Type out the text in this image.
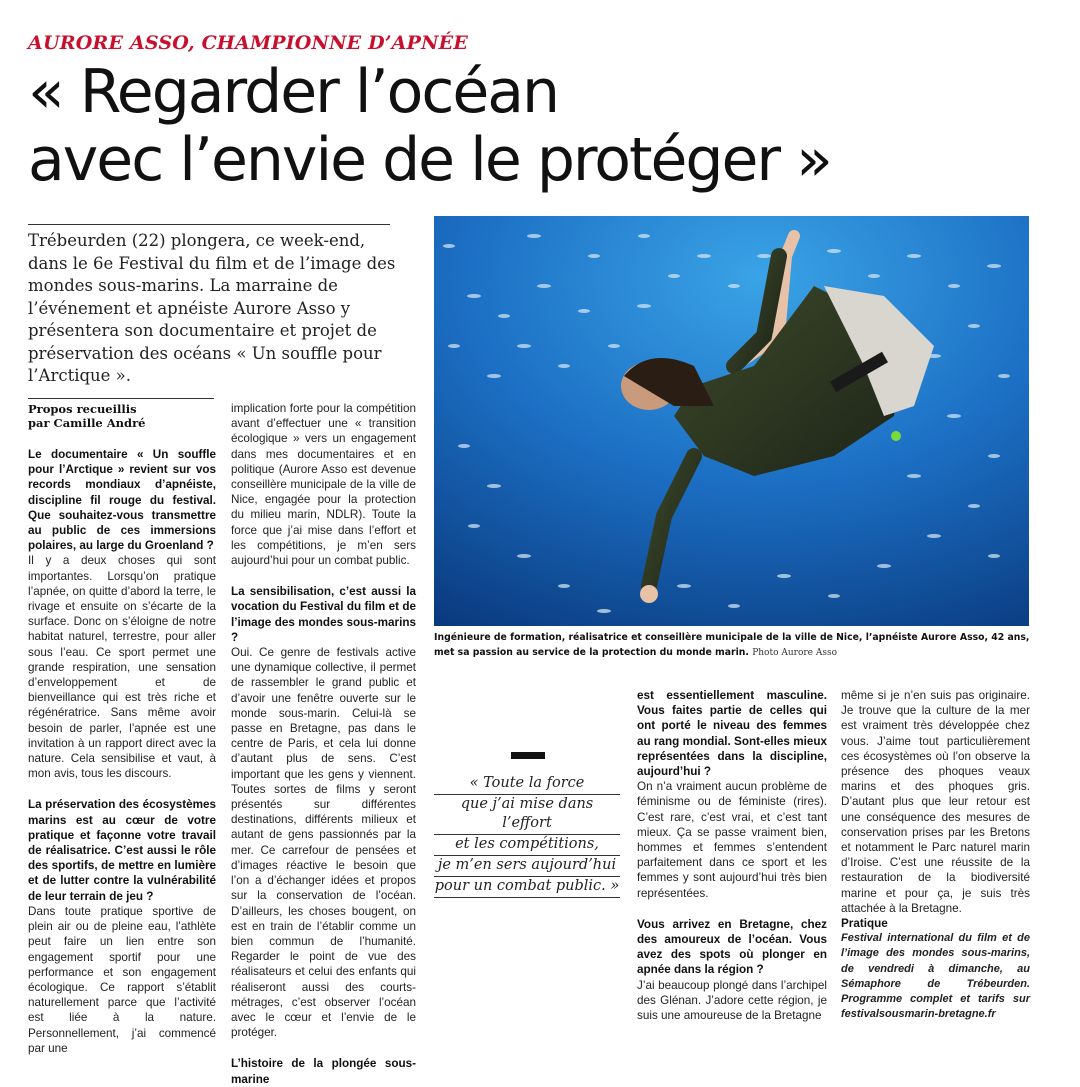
AURORE ASSO, CHAMPIONNE D’APNÉE
« Regarder l’océan
avec l’envie de le protéger »
Trébeurden (22) plongera, ce week-end, dans le 6e Festival du film et de l’image des mondes sous-marins. La marraine de l’événement et apnéiste Aurore Asso y présentera son documentaire et projet de préservation des océans « Un souffle pour l’Arctique ».
Ingénieure de formation, réalisatrice et conseillère municipale de la ville de Nice, l’apnéiste Aurore Asso, 42 ans, met sa passion au service de la protection du monde marin. Photo Aurore Asso
Propos recueillis
par Camille André

Le documentaire « Un souffle pour l’Arctique » revient sur vos records mondiaux d’apnéiste, discipline fil rouge du festival. Que souhaitez-vous transmettre au public de ces immersions polaires, au large du Groenland ?

Il y a deux choses qui sont importantes. Lorsqu’on pratique l’apnée, on quitte d’abord la terre, le rivage et ensuite on s’écarte de la surface. Donc on s’éloigne de notre habitat naturel, terrestre, pour aller sous l’eau. Ce sport permet une grande respiration, une sensation d’enveloppement et de bienveillance qui est très riche et régénératrice. Sans même avoir besoin de parler, l’apnée est une invitation à un rapport direct avec la nature. Cela sensibilise et vaut, à mon avis, tous les discours.

La préservation des écosystèmes marins est au cœur de votre pratique et façonne votre travail de réalisatrice. C’est aussi le rôle des sportifs, de mettre en lumière et de lutter contre la vulnérabilité de leur terrain de jeu ?

Dans toute pratique sportive de plein air ou de pleine eau, l’athlète peut faire un lien entre son engagement sportif pour une performance et son engagement écologique. Ce rapport s’établit naturellement parce que l’activité est liée à la nature. Personnellement, j’ai commencé par une

implication forte pour la compétition avant d’effectuer une « transition écologique » vers un engagement dans mes documentaires et en politique (Aurore Asso est devenue conseillère municipale de la ville de Nice, engagée pour la protection du milieu marin, NDLR). Toute la force que j’ai mise dans l’effort et les compétitions, je m’en sers aujourd’hui pour un combat public.

La sensibilisation, c’est aussi la vocation du Festival du film et de l’image des mondes sous-marins ?

Oui. Ce genre de festivals active une dynamique collective, il permet de rassembler le grand public et d’avoir une fenêtre ouverte sur le monde sous-marin. Celui-là se passe en Bretagne, pas dans le centre de Paris, et cela lui donne d’autant plus de sens. C’est important que les gens y viennent. Toutes sortes de films y seront présentés sur différentes destinations, différents milieux et autant de gens passionnés par la mer. Ce carrefour de pensées et d’images réactive le besoin que l’on a d’échanger idées et propos sur la conservation de l’océan. D’ailleurs, les choses bougent, on est en train de l’établir comme un bien commun de l’humanité. Regarder le point de vue des réalisateurs et celui des enfants qui réaliseront aussi des courts-métrages, c’est observer l’océan avec le cœur et l’envie de le protéger.

L’histoire de la plongée sous-marine

« Toute la force
que j’ai mise dans l’effort
et les compétitions,
je m’en sers aujourd’hui
pour un combat public. »

est essentiellement masculine. Vous faites partie de celles qui ont porté le niveau des femmes au rang mondial. Sont-elles mieux représentées dans la discipline, aujourd’hui ?

On n’a vraiment aucun problème de féminisme ou de féministe (rires). C’est rare, c’est vrai, et c’est tant mieux. Ça se passe vraiment bien, hommes et femmes s’entendent parfaitement dans ce sport et les femmes y sont aujourd’hui très bien représentées.

Vous arrivez en Bretagne, chez des amoureux de l’océan. Vous avez des spots où plonger en apnée dans la région ?

J’ai beaucoup plongé dans l’archipel des Glénan. J’adore cette région, je suis une amoureuse de la Bretagne

même si je n’en suis pas originaire. Je trouve que la culture de la mer est vraiment très développée chez vous. J’aime tout particulièrement ces écosystèmes où l’on observe la présence des phoques veaux marins et des phoques gris. D’autant plus que leur retour est une conséquence des mesures de conservation prises par les Bretons et notamment le Parc naturel marin d’Iroise. C’est une réussite de la restauration de la biodiversité marine et pour ça, je suis très attachée à la Bretagne.

Pratique

Festival international du film et de l’image des mondes sous-marins, de vendredi à dimanche, au Sémaphore de Trébeurden. Programme complet et tarifs sur festivalsousmarin-bretagne.fr
